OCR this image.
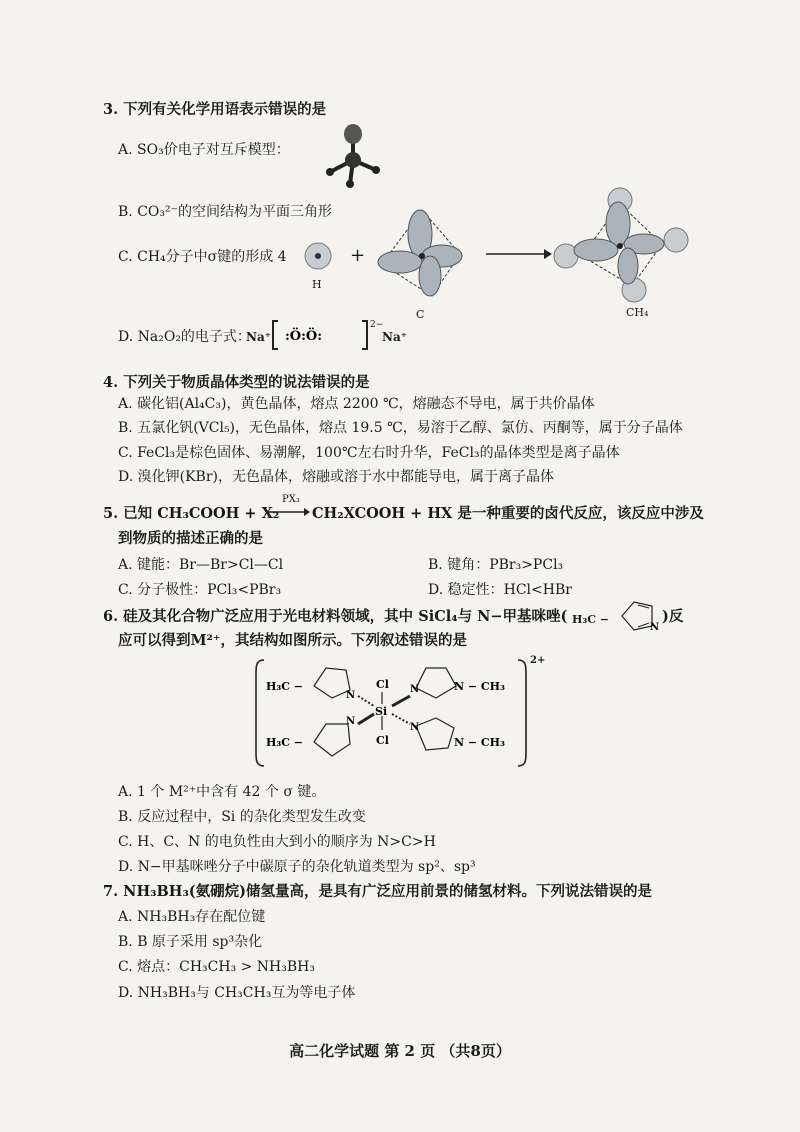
3. 下列有关化学用语表示错误的是
A. SO₃价电子对互斥模型：
B. CO₃²⁻的空间结构为平面三角形
C. CH₄分子中σ键的形成 4
H
+
C	CH₄
D. Na₂O₂的电子式：
Na⁺ :Ö:Ö:
2−
Na⁺
4. 下列关于物质晶体类型的说法错误的是
A. 碳化铝(Al₄C₃)，黄色晶体，熔点 2200 ℃，熔融态不导电，属于共价晶体
B. 五氯化钒(VCl₅)，无色晶体，熔点 19.5 ℃，易溶于乙醇、氯仿、丙酮等，属于分子晶体
C. FeCl₃是棕色固体、易潮解，100℃左右时升华，FeCl₃的晶体类型是离子晶体
D. 溴化钾(KBr)，无色晶体，熔融或溶于水中都能导电，属于离子晶体
5. 已知 CH₃COOH + X₂
PX₃
CH₂XCOOH + HX 是一种重要的卤代反应，该反应中涉及
到物质的描述正确的是
A. 键能：Br—Br>Cl—Cl	B. 键角：PBr₃>PCl₃
C. 分子极性：PCl₃<PBr₃	D. 稳定性：HCl<HBr
6. 硅及其化合物广泛应用于光电材料领域，其中 SiCl₄与 N−甲基咪唑( H₃C −
N
)反
应可以得到M²⁺，其结构如图所示。下列叙述错误的是
Cl
Cl
Si
H₃C −
H₃C −
N − CH₃
N − CH₃
N
N
N
N
2+
A. 1 个 M²⁺中含有 42 个 σ 键。
B. 反应过程中，Si 的杂化类型发生改变
C. H、C、N 的电负性由大到小的顺序为 N>C>H
D. N−甲基咪唑分子中碳原子的杂化轨道类型为 sp²、sp³
7. NH₃BH₃(氨硼烷)储氢量高，是具有广泛应用前景的储氢材料。下列说法错误的是
A. NH₃BH₃存在配位键
B. B 原子采用 sp³杂化
C. 熔点：CH₃CH₃ > NH₃BH₃
D. NH₃BH₃与 CH₃CH₃互为等电子体
高二化学试题 第 2 页 （共8页）
